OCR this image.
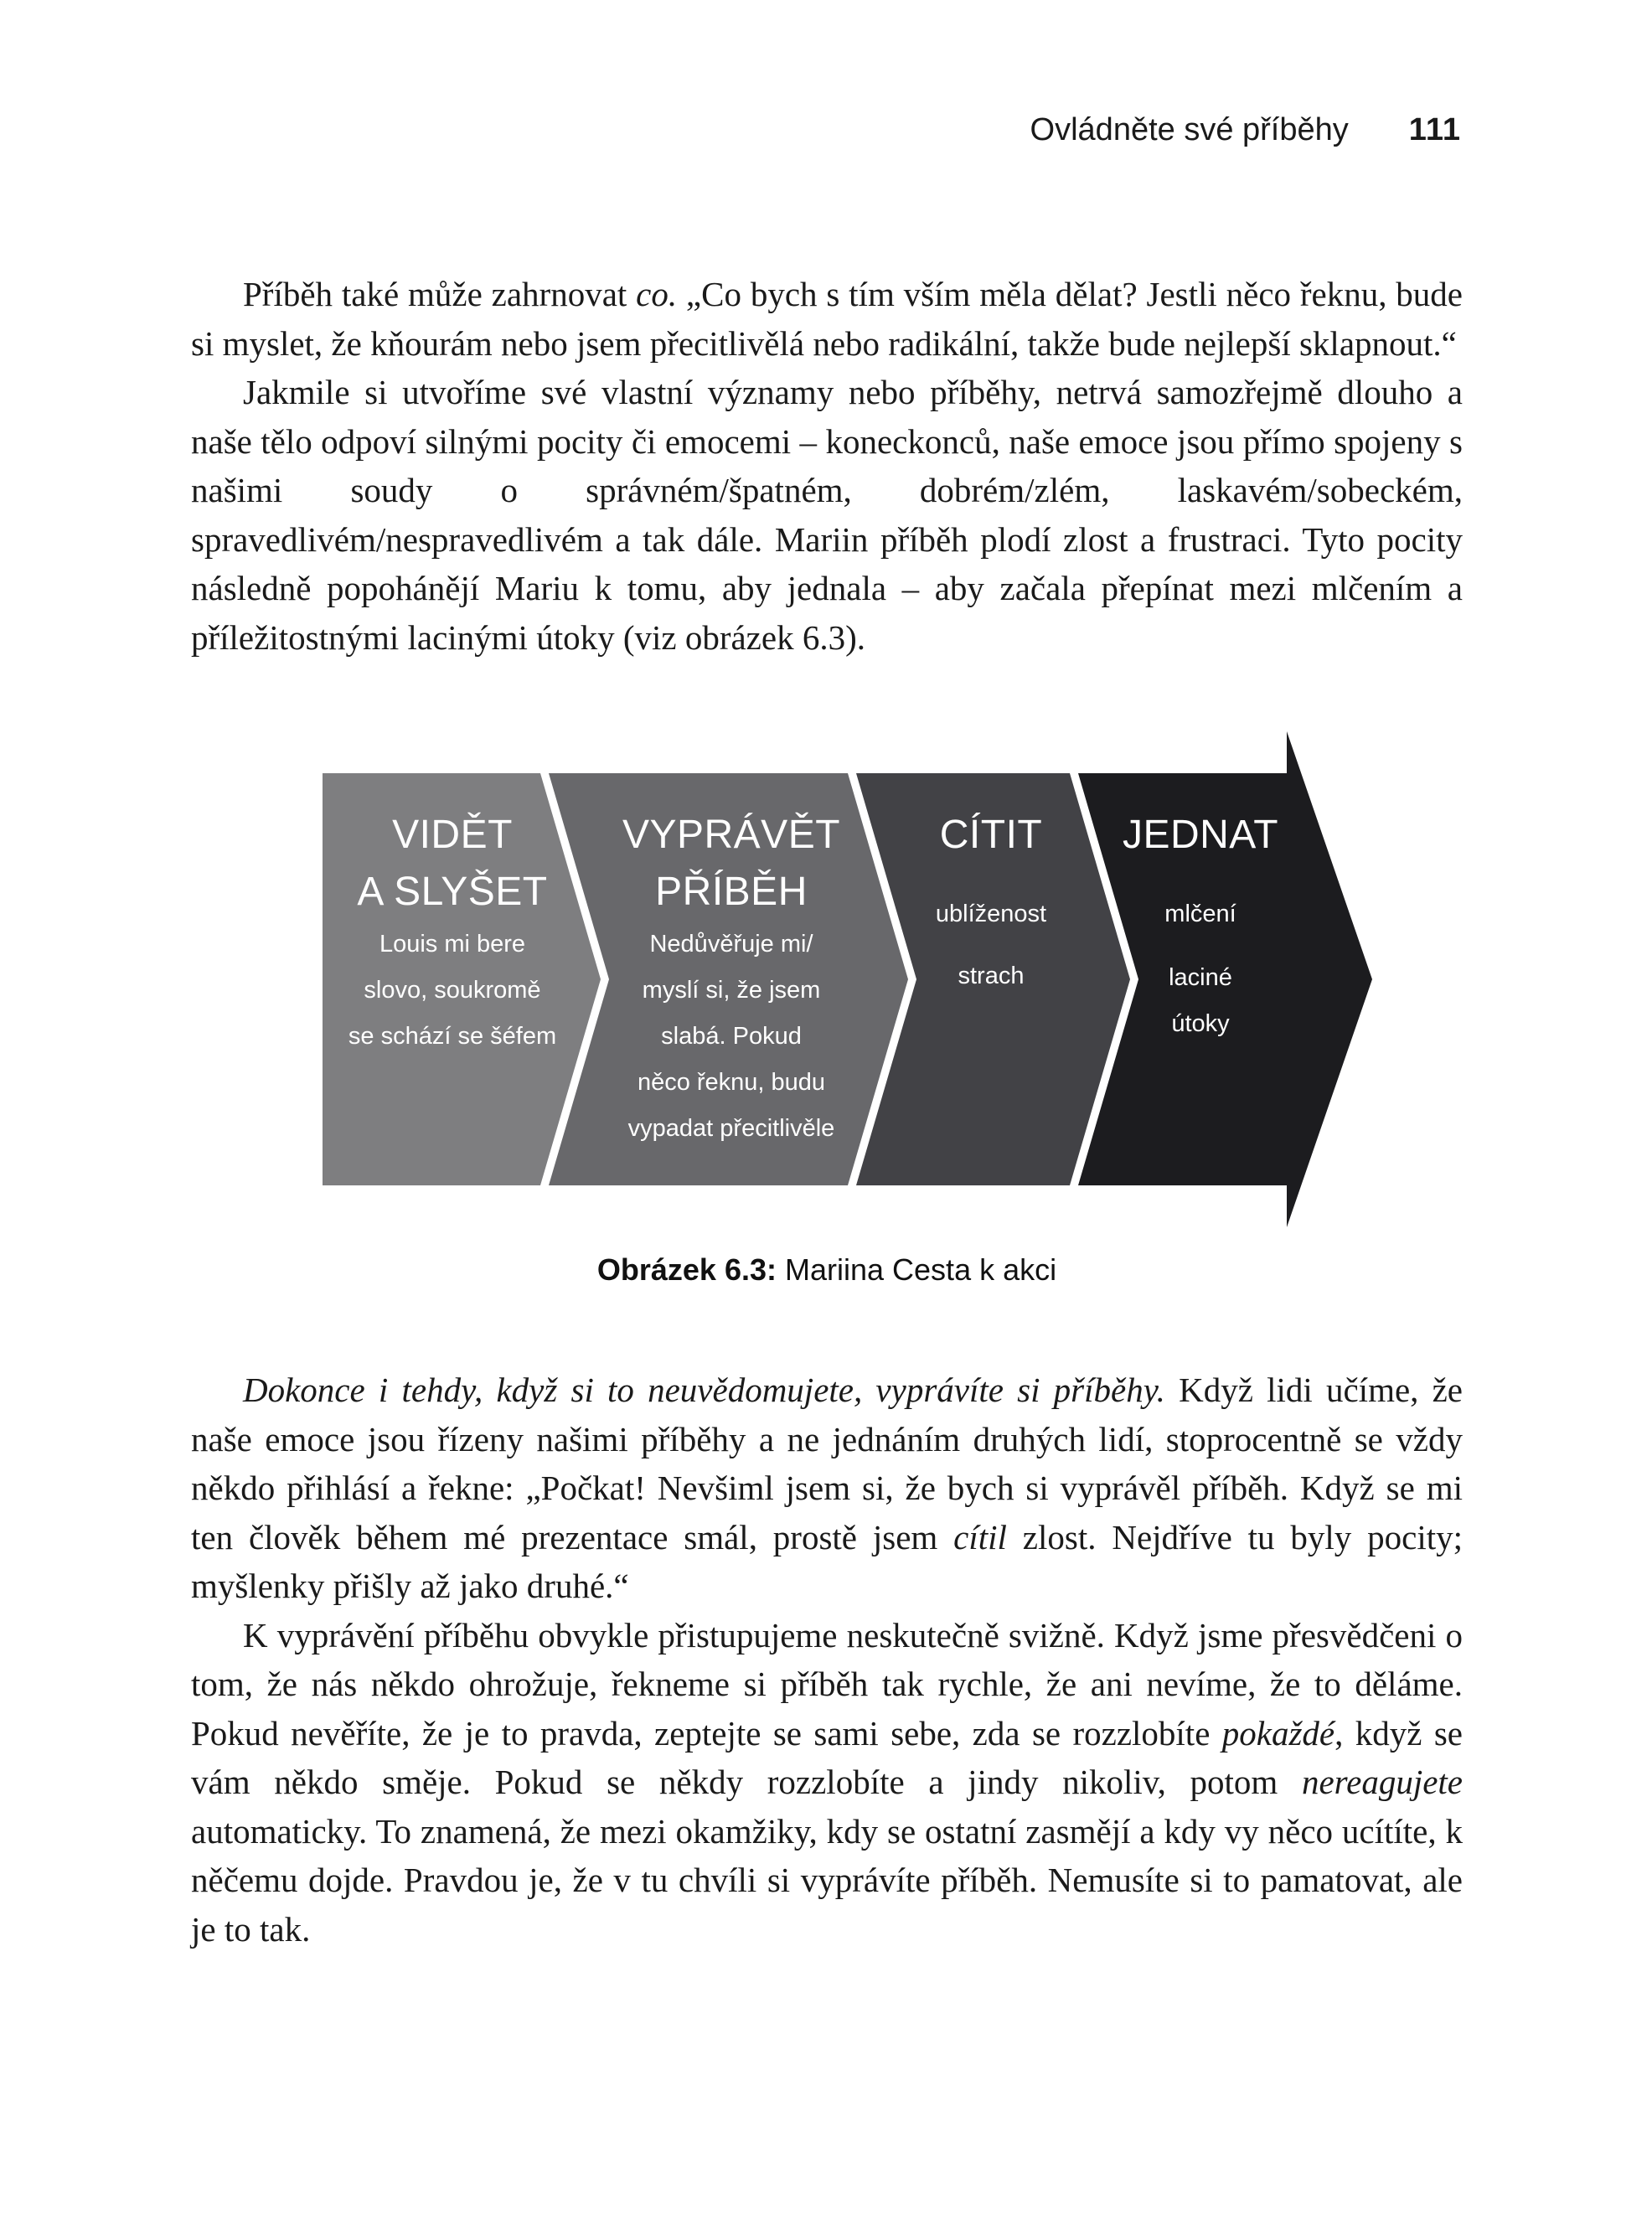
Ovládněte své příběhy 111

Příběh také může zahrnovat co. „Co bych s tím vším měla dělat? Jestli něco řeknu, bude si myslet, že kňourám nebo jsem přecitlivělá nebo radikální, takže bude nejlepší sklapnout.“

Jakmile si utvoříme své vlastní významy nebo příběhy, netrvá samozřejmě dlouho a naše tělo odpoví silnými pocity či emocemi – koneckonců, naše emoce jsou přímo spojeny s našimi soudy o správném/špatném, dobrém/zlém, laskavém/sobeckém, spravedlivém/nespravedlivém a tak dále. Mariin příběh plodí zlost a frustraci. Tyto pocity následně popohánějí Mariu k tomu, aby jednala – aby začala přepínat mezi mlčením a příležitostnými lacinými útoky (viz obrázek 6.3).

VIDĚT
A SLYŠET
Louis mi bere
slovo, soukromě
se schází se šéfem
VYPRÁVĚT
PŘÍBĚH
Nedůvěřuje mi/
myslí si, že jsem
slabá. Pokud
něco řeknu, budu
vypadat přecitlivěle
CÍTIT
ublíženost
strach
JEDNAT
mlčení
laciné
útoky
Obrázek 6.3: Mariina Cesta k akci

Dokonce i tehdy, když si to neuvědomujete, vyprávíte si příběhy. Když lidi učíme, že naše emoce jsou řízeny našimi příběhy a ne jednáním druhých lidí, stoprocentně se vždy někdo přihlásí a řekne: „Počkat! Nevšiml jsem si, že bych si vyprávěl příběh. Když se mi ten člověk během mé prezentace smál, prostě jsem cítil zlost. Nejdříve tu byly pocity; myšlenky přišly až jako druhé.“

K vyprávění příběhu obvykle přistupujeme neskutečně svižně. Když jsme přesvědčeni o tom, že nás někdo ohrožuje, řekneme si příběh tak rychle, že ani nevíme, že to děláme. Pokud nevěříte, že je to pravda, zeptejte se sami sebe, zda se rozzlobíte pokaždé, když se vám někdo směje. Pokud se někdy rozzlobíte a jindy nikoliv, potom nereagujete automaticky. To znamená, že mezi okamžiky, kdy se ostatní zasmějí a kdy vy něco ucítíte, k něčemu dojde. Pravdou je, že v tu chvíli si vyprávíte příběh. Nemusíte si to pamatovat, ale je to tak.
